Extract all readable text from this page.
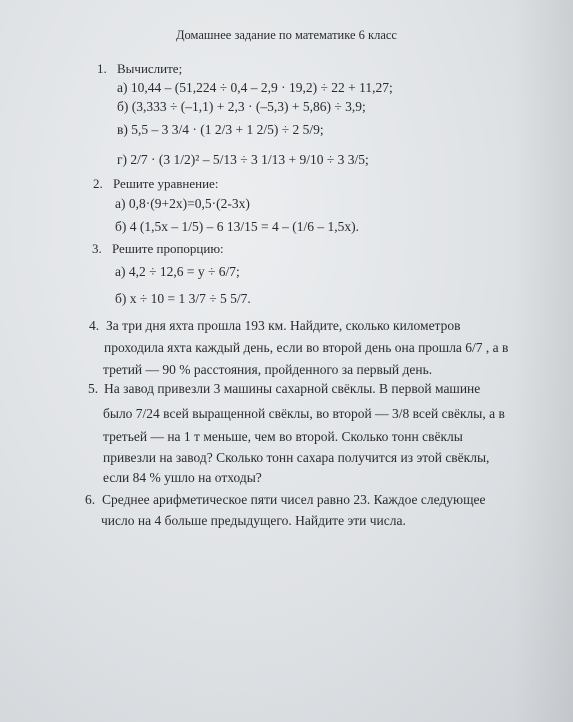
Домашнее задание по математике 6 класс
1. Вычислите;
а) 10,44 – (51,224 ÷ 0,4 – 2,9 · 19,2) ÷ 22 + 11,27;
б) (3,333 ÷ (–1,1) + 2,3 · (–5,3) + 5,86) ÷ 3,9;
в) 5,5 – 3 3/4 · (1 2/3 + 1 2/5) ÷ 2 5/9;
г) 2/7 · (3 1/2)² – 5/13 ÷ 3 1/13 + 9/10 ÷ 3 3/5;
2. Решите уравнение:
а) 0,8·(9+2x)=0,5·(2-3x)
б) 4 (1,5x – 1/5) – 6 13/15 = 4 – (1/6 – 1,5x).
3. Решите пропорцию:
а) 4,2 ÷ 12,6 = y ÷ 6/7;
б) x ÷ 10 = 1 3/7 ÷ 5 5/7.
4. За три дня яхта прошла 193 км. Найдите, сколько километров
проходила яхта каждый день, если во второй день она прошла 6/7 , а в
третий — 90 % расстояния, пройденного за первый день.
5. На завод привезли 3 машины сахарной свёклы. В первой машине
было 7/24 всей выращенной свёклы, во второй — 3/8 всей свёклы, а в
третьей — на 1 т меньше, чем во второй. Сколько тонн свёклы
привезли на завод? Сколько тонн сахара получится из этой свёклы,
если 84 % ушло на отходы?
6. Среднее арифметическое пяти чисел равно 23. Каждое следующее
число на 4 больше предыдущего. Найдите эти числа.
